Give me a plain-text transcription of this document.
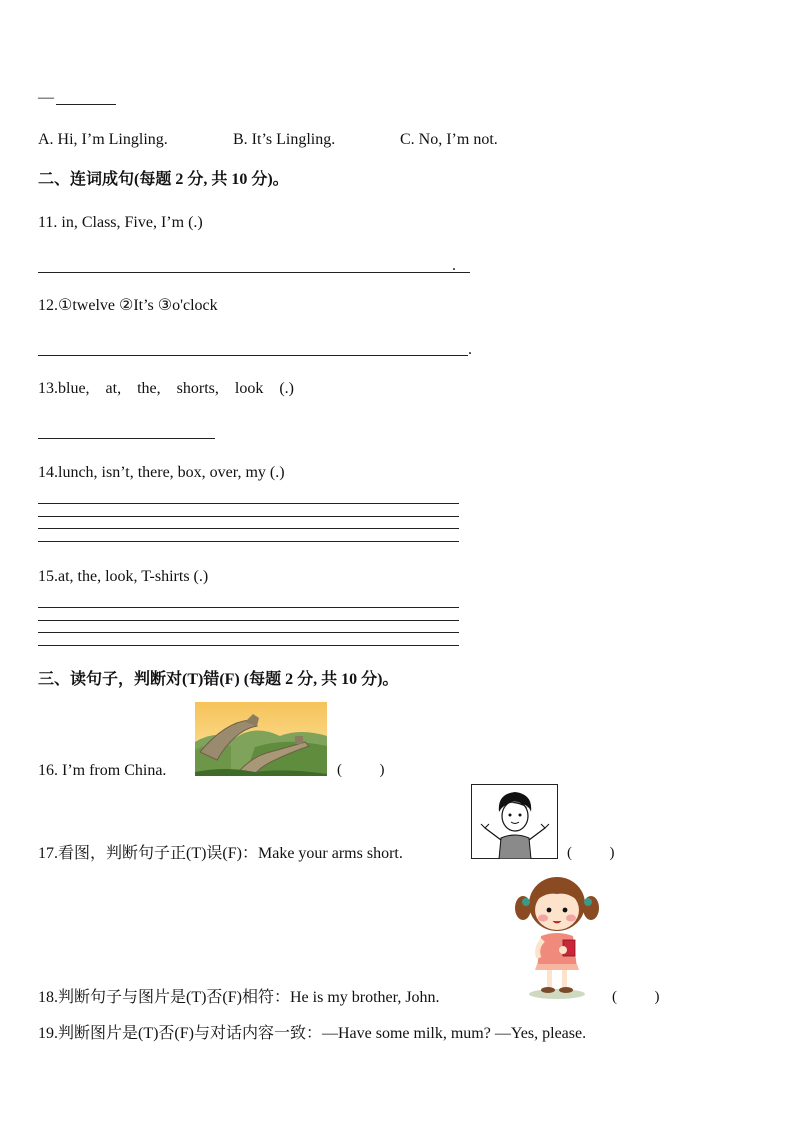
—
A. Hi, I’m Lingling.	B. It’s Lingling.	C. No, I’m not.
二、连词成句(每题 2 分, 共 10 分)。
11. in, Class, Five, I’m (.)
.
12.①twelve ②It’s ③o'clock
.
13.blue,    at,    the,    shorts,    look    (.)
14.lunch, isn’t, there, box, over, my (.)
15.at, the, look, T-shirts (.)
三、读句子，判断对(T)错(F) (每题 2 分, 共 10 分)。
16. I’m from China.	(          )
17.看图，判断句子正(T)误(F)：Make your arms short.	(          )
18.判断句子与图片是(T)否(F)相符：He is my brother, John.	(          )
19.判断图片是(T)否(F)与对话内容一致：—Have some milk, mum? —Yes, please.
